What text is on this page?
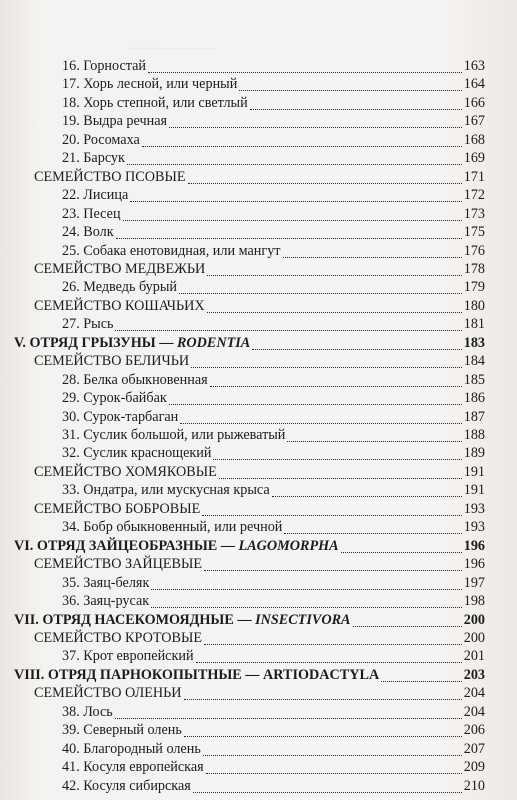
......................
16. Горностай	163
17. Хорь лесной, или черный	164
18. Хорь степной, или светлый	166
19. Выдра речная	167
20. Росомаха	168
21. Барсук	169
СЕМЕЙСТВО ПСОВЫЕ	171
22. Лисица	172
23. Песец	173
24. Волк	175
25. Собака енотовидная, или мангут	176
СЕМЕЙСТВО МЕДВЕЖЬИ	178
26. Медведь бурый	179
СЕМЕЙСТВО КОШАЧЬИХ	180
27. Рысь	181
V. ОТРЯД ГРЫЗУНЫ — RODENTIA	183
СЕМЕЙСТВО БЕЛИЧЬИ	184
28. Белка обыкновенная	185
29. Сурок-байбак	186
30. Сурок-тарбаган	187
31. Суслик большой, или рыжеватый	188
32. Суслик краснощекий	189
СЕМЕЙСТВО ХОМЯКОВЫЕ	191
33. Ондатра, или мускусная крыса	191
СЕМЕЙСТВО БОБРОВЫЕ	193
34. Бобр обыкновенный, или речной	193
VI. ОТРЯД ЗАЙЦЕОБРАЗНЫЕ — LAGOMORPHA	196
СЕМЕЙСТВО ЗАЙЦЕВЫЕ	196
35. Заяц-беляк	197
36. Заяц-русак	198
VII. ОТРЯД НАСЕКОМОЯДНЫЕ — INSECTIVORA	200
СЕМЕЙСТВО КРОТОВЫЕ	200
37. Крот европейский	201
VIII. ОТРЯД ПАРНОКОПЫТНЫЕ — ARTIODACTYLA	203
СЕМЕЙСТВО ОЛЕНЬИ	204
38. Лось	204
39. Северный олень	206
40. Благородный олень	207
41. Косуля европейская	209
42. Косуля сибирская	210
